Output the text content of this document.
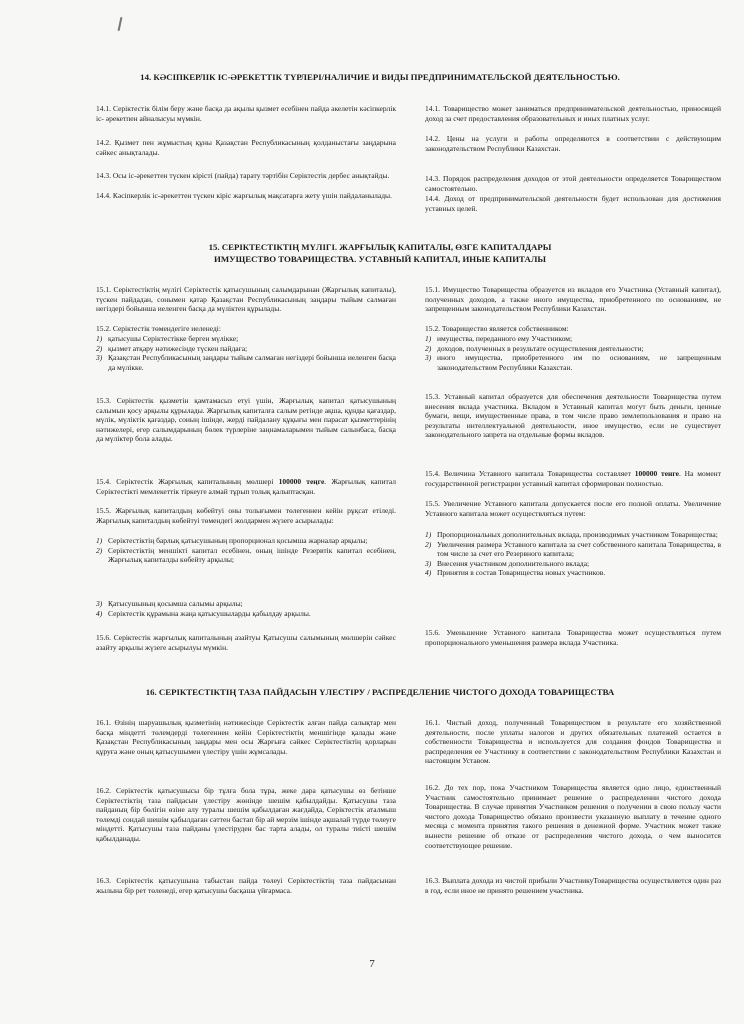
14. КӘСІПКЕРЛІК ІС-ӘРЕКЕТТІК ТҮРЛЕРІ/НАЛИЧИЕ И ВИДЫ ПРЕДПРИНИМАТЕЛЬСКОЙ ДЕЯТЕЛЬНОСТЬЮ.
14.1. Серіктестік білім беру және басқа да ақылы қызмет есебінен пайда әкелетін кәсіпкерлік іс- әрекетпен айналысуы мүмкін.
14.2. Қызмет пен жұмыстың құны Қазақстан Республикасының қолданыстағы заңдарына сәйкес анықталады.
14.3. Осы іс-әрекеттен түскен кірісті (пайда) тарату тәртібін Серіктестік дербес анықтайды.
14.4. Кәсіпкерлік іс-әрекеттен түскен кіріс жарғылық мақсатарға жету үшін пайдаланылады.
14.1. Товарищество может заниматься предпринимательской деятельностью, приносящей доход за счет предоставления образовательных и иных платных услуг.
14.2. Цены на услуги и работы определяются в соответствии с действующим законодательством Республики Казахстан.
14.3. Порядок распределения доходов от этой деятельности определяется Товариществом самостоятельно.
14.4. Доход от предпринимательской деятельности будет использован для достижения уставных целей.
15. СЕРІКТЕСТІКТІҢ МҮЛІГІ. ЖАРҒЫЛЫҚ КАПИТАЛЫ, ӨЗГЕ КАПИТАЛДАРЫ
ИМУЩЕСТВО ТОВАРИЩЕСТВА. УСТАВНЫЙ КАПИТАЛ, ИНЫЕ КАПИТАЛЫ
15.1. Серіктестіктің мүлігі Серіктестік қатысушының салымдарынан (Жарғылық капиталы), түскен пайдадан, сонымен қатар Қазақстан Республикасының заңдары тыйым салмаған негіздері бойынша иеленген басқа да мүліктен құрылады.
15.2. Серіктестік төмендегіге иеленеді:
1) қатысушы Серіктестікке берген мүлікке;
2) қызмет атқару нәтижесінде түскен пайдаға;
3) Қазақстан Республикасының заңдары тыйым салмаған негіздері бойынша иеленген басқа да мүлікке.
15.3. Серіктестік қызметін қамтамасыз етуі үшін, Жарғылық капитал қатысушының салымын қосу арқылы құрылады. Жарғылық капиталға салым ретінде ақша, құнды қағаздар, мүлік, мүліктік қағаздар, соның ішінде, жерді пайдалану құқығы мен парасат қызметтерінің нәтижелері, егер салымдарының бөлек түрлеріне заңнамаларымен тыйым салынбаса, басқа да мүліктер бола алады.
15.4. Серіктестік Жарғылық капиталының мөлшері 100000 теңге. Жарғылық капитал Серіктестікті мемлекеттік тіркеуге алмай тұрып толық қалыптасқан.
15.5. Жарғылық капиталдың көбейтуі оны толығымен төлегеннен кейін рұқсат етіледі. Жарғылық капиталдың көбейтуі төмендегі жолдармен жүзеге асырылады:
1) Серіктестіктің барлық қатысушының пропорционал қосымша жарналар арқылы;
2) Серіктестіктің меншікті капитал есебінен, оның ішінде Резервтік капитал есебінен, Жарғылық капиталды көбейту арқылы;
3) Қатысушының қосымша салымы арқылы;
4) Серіктестік құрамына жаңа қатысушыларды қабылдау арқылы.
15.6. Серіктестік жарғылық капиталының азайтуы Қатысушы салымының мөлшерін сәйкес азайту арқылы жүзеге асырылуы мүмкін.
15.1. Имущество Товарищества образуется из вкладов его Участника (Уставный капитал), полученных доходов, а также иного имущества, приобретенного по основаниям, не запрещенным законодательством Республики Казахстан.
15.2. Товарищество является собственником:
1) имущества, переданного ему Участником;
2) доходов, полученных в результате осуществления деятельности;
3) иного имущества, приобретенного им по основаниям, не запрещенным законодательством Республики Казахстан.
15.3. Уставный капитал образуется для обеспечения деятельности Товарищества путем внесения вклада участника. Вкладом в Уставный капитал могут быть деньги, ценные бумаги, вещи, имущественные права, в том числе право землепользования и право на результаты интеллектуальной деятельности, иное имущество, если не существует законодательного запрета на отдельные формы вкладов.
15.4. Величина Уставного капитала Товарищества составляет 100000 тенге. На момент государственной регистрации уставный капитал сформирован полностью.
15.5. Увеличение Уставного капитала допускается после его полной оплаты. Увеличение Уставного капитала может осуществляться путем:
1) Пропорциональных дополнительных вклада, производимых участником Товарищества;
2) Увеличения размера Уставного капитала за счет собственного капитала Товарищества, в том числе за счет его Резервного капитала;
3) Внесения участником дополнительного вклада;
4) Принятия в состав Товарищества новых участников.
15.6. Уменьшение Уставного капитала Товарищества может осуществляться путем пропорционального уменьшения размера вклада Участника.
16. СЕРІКТЕСТІКТІҢ ТАЗА ПАЙДАСЫН ҮЛЕСТІРУ / РАСПРЕДЕЛЕНИЕ ЧИСТОГО ДОХОДА ТОВАРИЩЕСТВА
16.1. Өзінің шаруашылық қызметінің нәтижесінде Серіктестік алған пайда салықтар мен басқа міндетті төлемдерді төлегеннен кейін Серіктестіктің меншігінде қалады және Қазақстан Республикасының заңдары мен осы Жарғыға сәйкес Серіктестіктің қорларын құруға және оның қатысушымен үлестіру үшін жұмсалады.
16.2. Серіктестік қатысушысы бір тұлға бола тұра, жеке дара қатысушы өз бетінше Серіктестіктің таза пайдасын үлестіру жөнінде шешім қабылдайды. Қатысушы таза пайданың бір бөлігін өзіне алу туралы шешім қабылдаған жағдайда, Серіктестік аталмыш төлемді сондай шешім қабылдаған сәттен бастап бір ай мерзім ішінде ақшалай түрде төлеуге міндетті. Қатысушы таза пайданы үлестіруден бас тарта алады, ол туралы тиісті шешім қабылданады.
16.3. Серіктестік қатысушына табыстан пайда төлеуі Серіктестіктің таза пайдасынан жылына бір рет төленеді, егер қатысушы басқаша үйғармаса.
16.1. Чистый доход, полученный Товариществом в результате его хозяйственной деятельности, после уплаты налогов и других обязательных платежей остается в собственности Товарищества и используется для создания фондов Товарищества и распределения ее Участнику в соответствии с законодательством Республики Казахстан и настоящим Уставом.
16.2. До тех пор, пока Участником Товарищества является одно лицо, единственный Участник самостоятельно принимает решение о распределении чистого дохода Товарищества. В случае принятия Участником решения о получении в свою пользу части чистого дохода Товарищество обязано произвести указанную выплату в течение одного месяца с момента принятия такого решения в денежной форме. Участник может также вынести решение об отказе от распределения чистого дохода, о чем выносится соответствующее решение.
16.3. Выплата дохода из чистой прибыли УчастникуТоварищества осуществляется один раз в год, если иное не принято решением участника.
7
